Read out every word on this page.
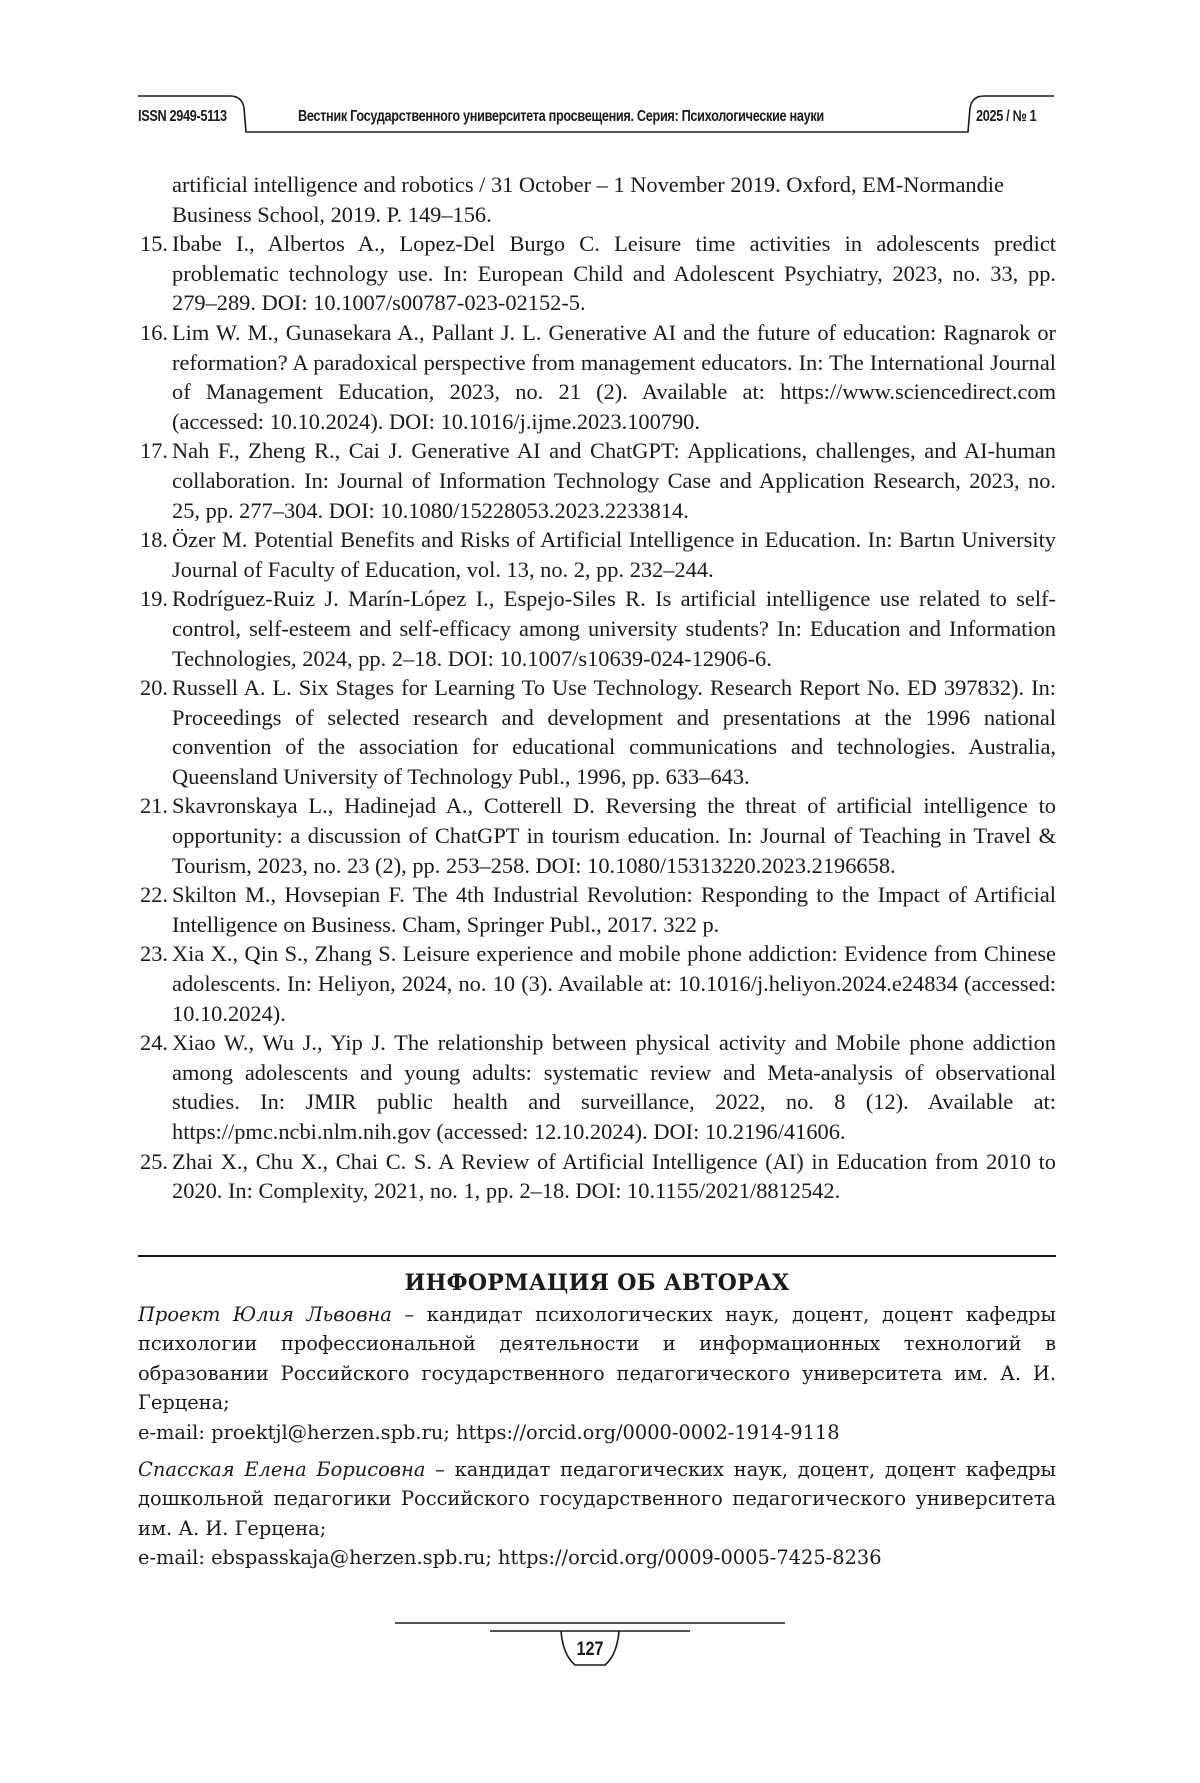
ISSN 2949-5113	Вестник Государственного университета просвещения. Серия: Психологические науки	2025 / № 1
artificial intelligence and robotics / 31 October – 1 November 2019. Oxford, EM-Normandie Business School, 2019. P. 149–156.
15. Ibabe I., Albertos A., Lopez-Del Burgo C. Leisure time activities in adolescents predict problematic technology use. In: European Child and Adolescent Psychiatry, 2023, no. 33, pp. 279–289. DOI: 10.1007/s00787-023-02152-5.
16. Lim W. M., Gunasekara A., Pallant J. L. Generative AI and the future of education: Ragnarok or reformation? A paradoxical perspective from management educators. In: The International Journal of Management Education, 2023, no. 21 (2). Available at: https://www.sciencedirect.com (accessed: 10.10.2024). DOI: 10.1016/j.ijme.2023.100790.
17. Nah F., Zheng R., Cai J. Generative AI and ChatGPT: Applications, challenges, and AI-human collaboration. In: Journal of Information Technology Case and Application Research, 2023, no. 25, pp. 277–304. DOI: 10.1080/15228053.2023.2233814.
18. Özer M. Potential Benefits and Risks of Artificial Intelligence in Education. In: Bartın University Journal of Faculty of Education, vol. 13, no. 2, pp. 232–244.
19. Rodríguez-Ruiz J. Marín-López I., Espejo-Siles R. Is artificial intelligence use related to self-control, self-esteem and self-efficacy among university students? In: Education and Information Technologies, 2024, pp. 2–18. DOI: 10.1007/s10639-024-12906-6.
20. Russell A. L. Six Stages for Learning To Use Technology. Research Report No. ED 397832). In: Proceedings of selected research and development and presentations at the 1996 national convention of the association for educational communications and technologies. Australia, Queensland University of Technology Publ., 1996, pp. 633–643.
21. Skavronskaya L., Hadinejad A., Cotterell D. Reversing the threat of artificial intelligence to opportunity: a discussion of ChatGPT in tourism education. In: Journal of Teaching in Travel & Tourism, 2023, no. 23 (2), pp. 253–258. DOI: 10.1080/15313220.2023.2196658.
22. Skilton M., Hovsepian F. The 4th Industrial Revolution: Responding to the Impact of Artificial Intelligence on Business. Cham, Springer Publ., 2017. 322 p.
23. Xia X., Qin S., Zhang S. Leisure experience and mobile phone addiction: Evidence from Chinese adolescents. In: Heliyon, 2024, no. 10 (3). Available at: 10.1016/j.heliyon.2024.e24834 (accessed: 10.10.2024).
24. Xiao W., Wu J., Yip J. The relationship between physical activity and Mobile phone addiction among adolescents and young adults: systematic review and Meta-analysis of observational studies. In: JMIR public health and surveillance, 2022, no. 8 (12). Available at: https://pmc.ncbi.nlm.nih.gov (accessed: 12.10.2024). DOI: 10.2196/41606.
25. Zhai X., Chu X., Chai C. S. A Review of Artificial Intelligence (AI) in Education from 2010 to 2020. In: Complexity, 2021, no. 1, pp. 2–18. DOI: 10.1155/2021/8812542.
ИНФОРМАЦИЯ ОБ АВТОРАХ
Проект Юлия Львовна – кандидат психологических наук, доцент, доцент кафедры психологии профессиональной деятельности и информационных технологий в образовании Российского государственного педагогического университета им. А. И. Герцена;
e-mail: proektjl@herzen.spb.ru; https://orcid.org/0000-0002-1914-9118
Спасская Елена Борисовна – кандидат педагогических наук, доцент, доцент кафедры дошкольной педагогики Российского государственного педагогического университета им. А. И. Герцена;
e-mail: ebspasskaja@herzen.spb.ru; https://orcid.org/0009-0005-7425-8236
127
